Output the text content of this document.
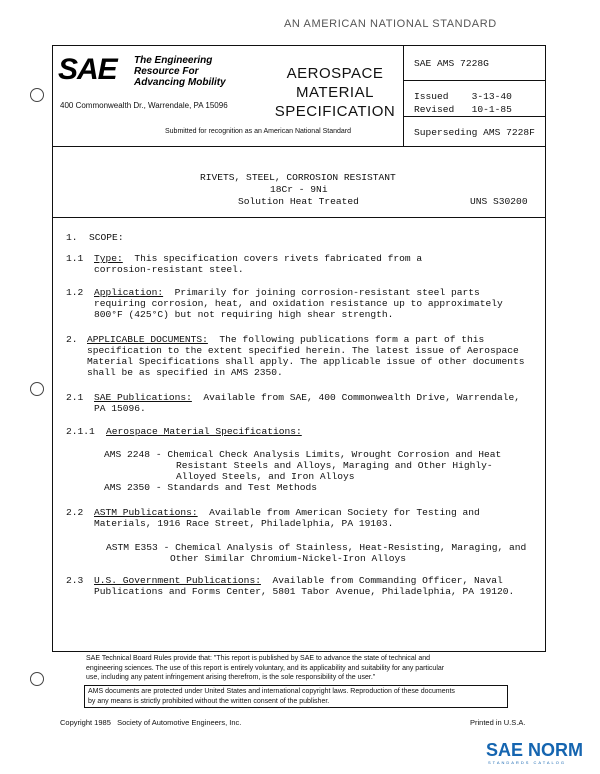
AN AMERICAN NATIONAL STANDARD
SAE The Engineering
Resource For
Advancing Mobility
400 Commonwealth Dr., Warrendale, PA 15096
AEROSPACE
MATERIAL
SPECIFICATION
Submitted for recognition as an American National Standard
SAE AMS 7228G
Issued    3-13-40
Revised   10-1-85
Superseding AMS 7228F
RIVETS, STEEL, CORROSION RESISTANT
18Cr - 9Ni
Solution Heat Treated	UNS S30200
1.  SCOPE:
1.1 Type: This specification covers rivets fabricated from a
corrosion-resistant steel.
1.2 Application: Primarily for joining corrosion-resistant steel parts
requiring corrosion, heat, and oxidation resistance up to approximately
800°F (425°C) but not requiring high shear strength.
2. APPLICABLE DOCUMENTS: The following publications form a part of this
specification to the extent specified herein. The latest issue of Aerospace
Material Specifications shall apply. The applicable issue of other documents
shall be as specified in AMS 2350.
2.1 SAE Publications: Available from SAE, 400 Commonwealth Drive, Warrendale,
PA 15096.
2.1.1 Aerospace Material Specifications:
AMS 2248 - Chemical Check Analysis Limits, Wrought Corrosion and Heat
Resistant Steels and Alloys, Maraging and Other Highly-
Alloyed Steels, and Iron Alloys
AMS 2350 - Standards and Test Methods
2.2 ASTM Publications: Available from American Society for Testing and
Materials, 1916 Race Street, Philadelphia, PA 19103.
ASTM E353 - Chemical Analysis of Stainless, Heat-Resisting, Maraging, and
Other Similar Chromium-Nickel-Iron Alloys
2.3 U.S. Government Publications: Available from Commanding Officer, Naval
Publications and Forms Center, 5801 Tabor Avenue, Philadelphia, PA 19120.
SAE Technical Board Rules provide that: "This report is published by SAE to advance the state of technical and
engineering sciences. The use of this report is entirely voluntary, and its applicability and suitability for any particular
use, including any patent infringement arising therefrom, is the sole responsibility of the user."
AMS documents are protected under United States and international copyright laws. Reproduction of these documents
by any means is strictly prohibited without the written consent of the publisher.
Copyright 1985   Society of Automotive Engineers, Inc.	Printed in U.S.A.
SAE NORM
STANDARDS CATALOG
